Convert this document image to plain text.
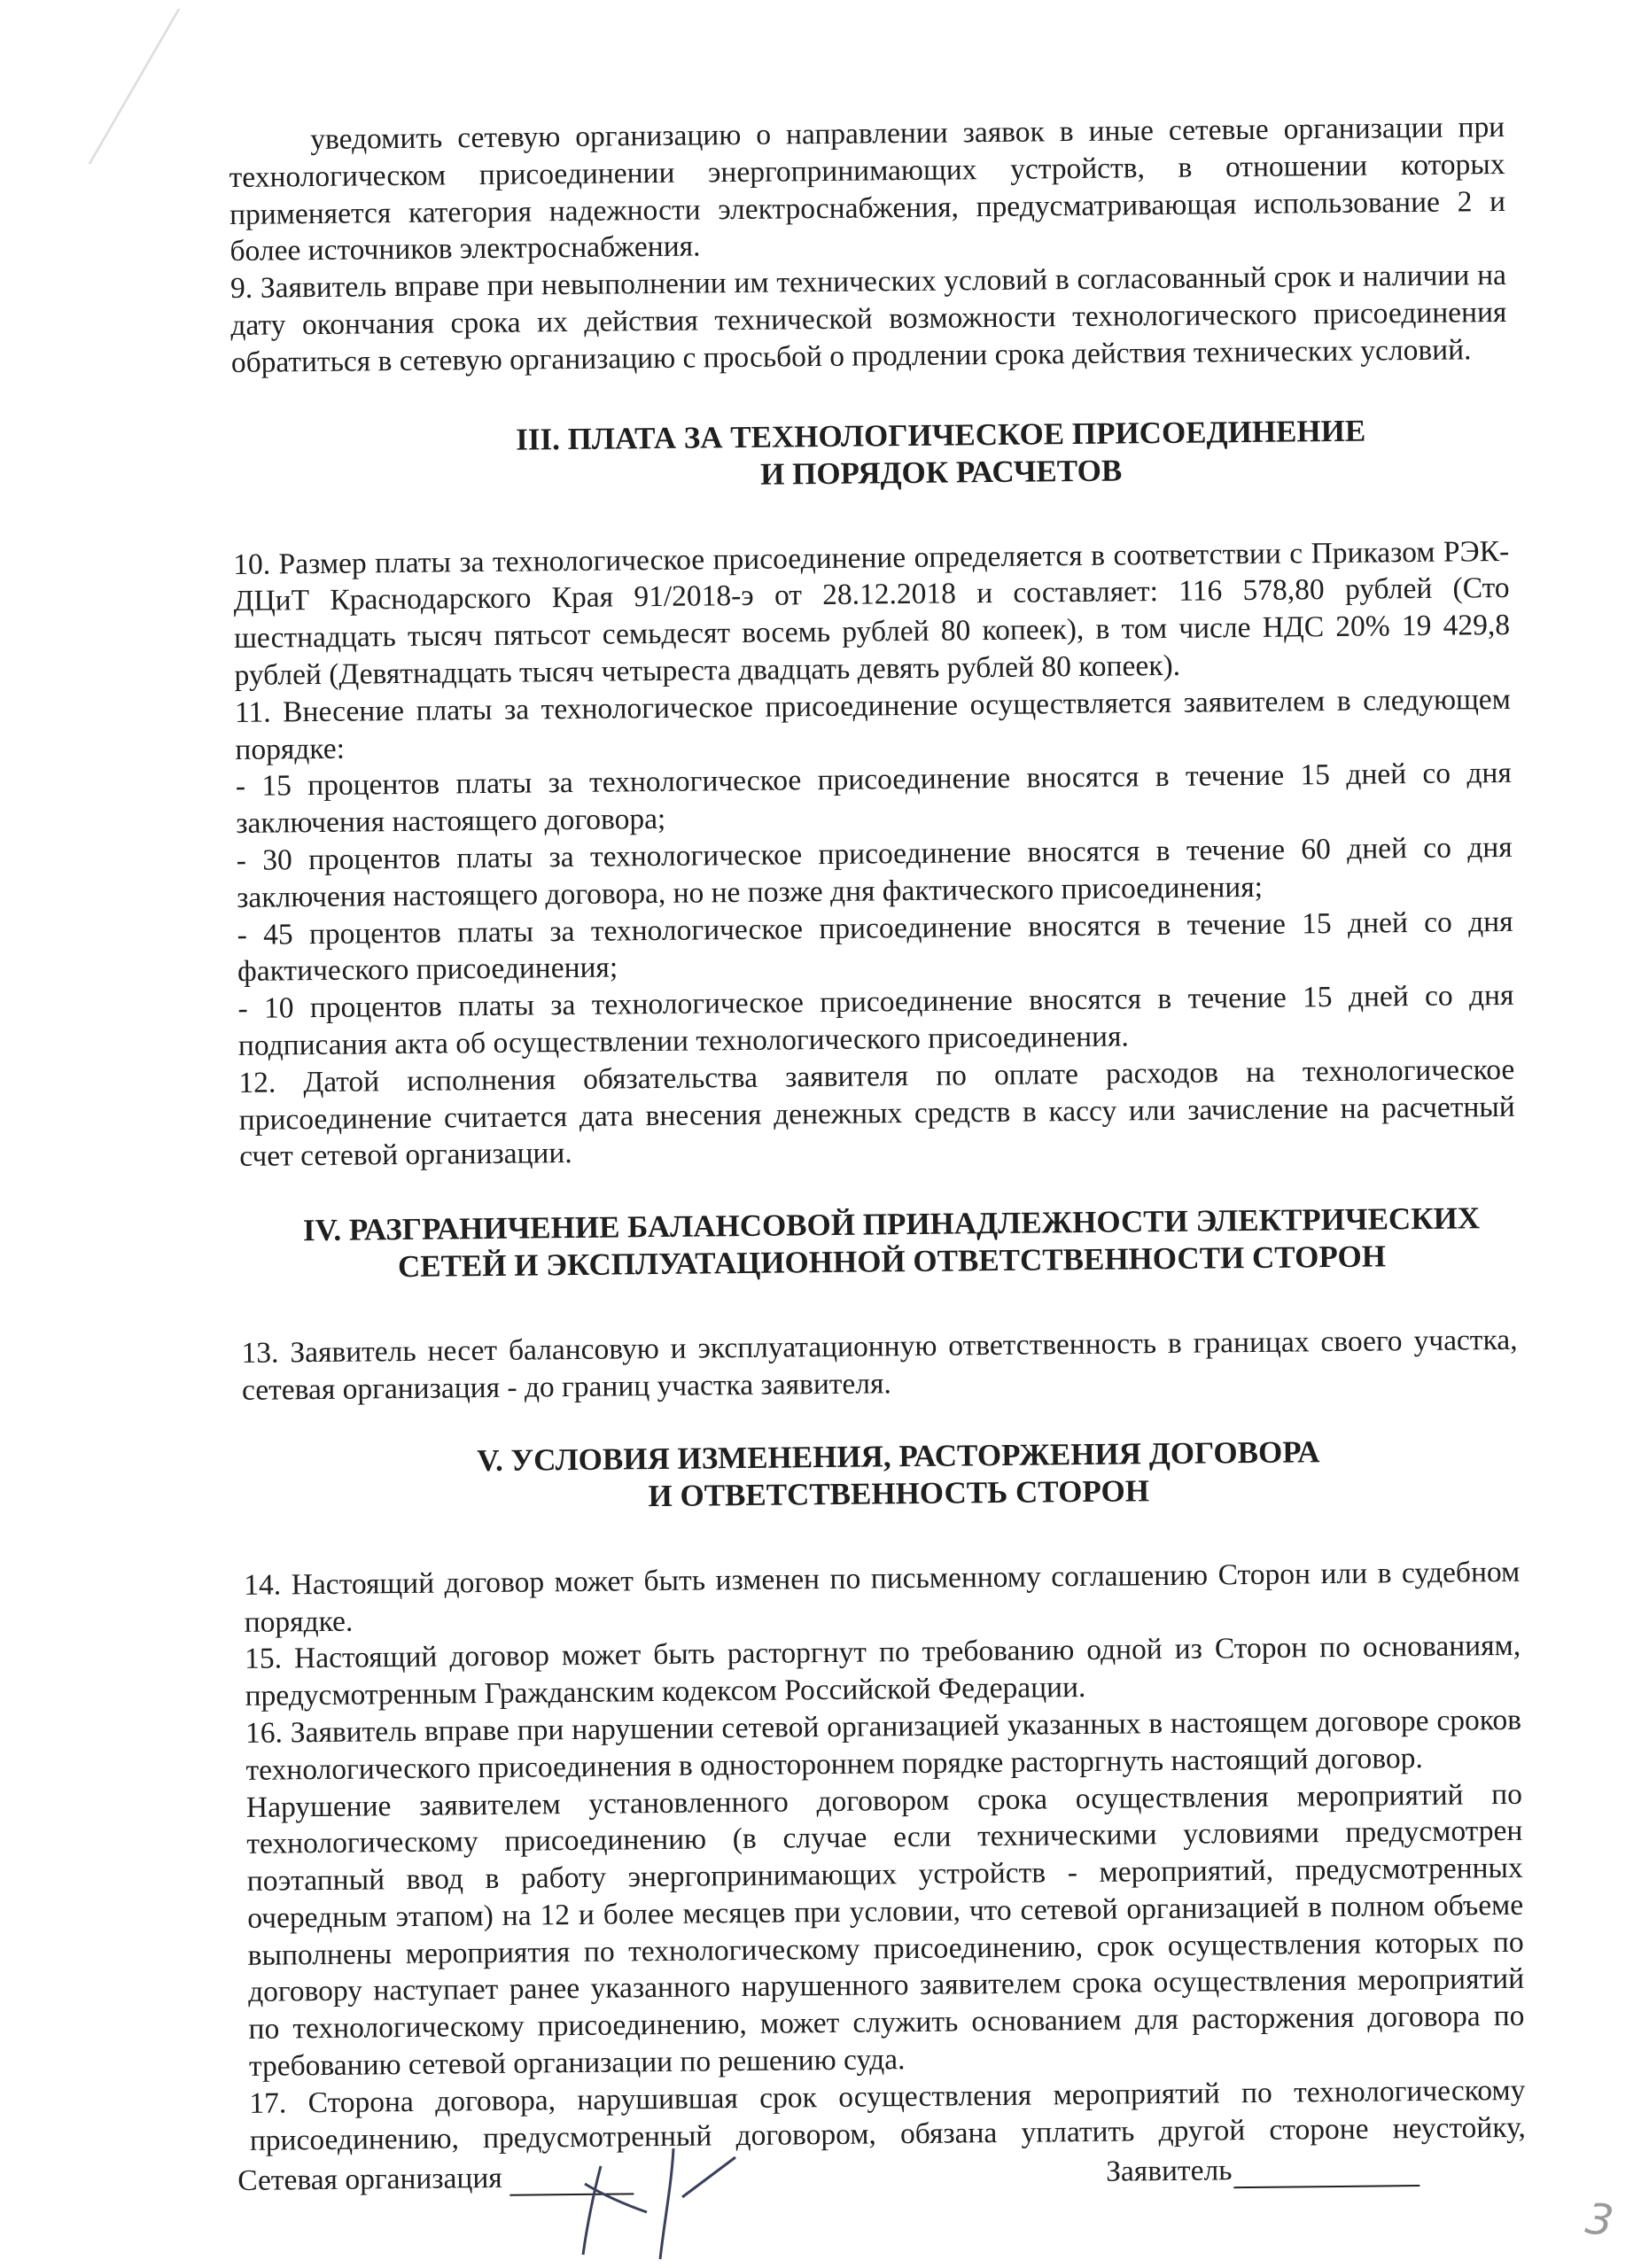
уведомить сетевую организацию о направлении заявок в иные сетевые организации при технологическом присоединении энергопринимающих устройств, в отношении которых применяется категория надежности электроснабжения, предусматривающая использование 2 и более источников электроснабжения.

9. Заявитель вправе при невыполнении им технических условий в согласованный срок и наличии на дату окончания срока их действия технической возможности технологического присоединения обратиться в сетевую организацию с просьбой о продлении срока действия технических условий.

III. ПЛАТА ЗА ТЕХНОЛОГИЧЕСКОЕ ПРИСОЕДИНЕНИЕ
И ПОРЯДОК РАСЧЕТОВ

10. Размер платы за технологическое присоединение определяется в соответствии с Приказом РЭК-ДЦиТ Краснодарского Края 91/2018-э от 28.12.2018 и составляет: 116 578,80 рублей (Сто шестнадцать тысяч пятьсот семьдесят восемь рублей 80 копеек), в том числе НДС 20% 19 429,8 рублей (Девятнадцать тысяч четыреста двадцать девять рублей 80 копеек).

11. Внесение платы за технологическое присоединение осуществляется заявителем в следующем порядке:

- 15 процентов платы за технологическое присоединение вносятся в течение 15 дней со дня заключения настоящего договора;

- 30 процентов платы за технологическое присоединение вносятся в течение 60 дней со дня заключения настоящего договора, но не позже дня фактического присоединения;

- 45 процентов платы за технологическое присоединение вносятся в течение 15 дней со дня фактического присоединения;

- 10 процентов платы за технологическое присоединение вносятся в течение 15 дней со дня подписания акта об осуществлении технологического присоединения.

12. Датой исполнения обязательства заявителя по оплате расходов на технологическое присоединение считается дата внесения денежных средств в кассу или зачисление на расчетный счет сетевой организации.

IV. РАЗГРАНИЧЕНИЕ БАЛАНСОВОЙ ПРИНАДЛЕЖНОСТИ ЭЛЕКТРИЧЕСКИХ
СЕТЕЙ И ЭКСПЛУАТАЦИОННОЙ ОТВЕТСТВЕННОСТИ СТОРОН

13. Заявитель несет балансовую и эксплуатационную ответственность в границах своего участка, сетевая организация - до границ участка заявителя.

V. УСЛОВИЯ ИЗМЕНЕНИЯ, РАСТОРЖЕНИЯ ДОГОВОРА
И ОТВЕТСТВЕННОСТЬ СТОРОН

14. Настоящий договор может быть изменен по письменному соглашению Сторон или в судебном порядке.

15. Настоящий договор может быть расторгнут по требованию одной из Сторон по основаниям, предусмотренным Гражданским кодексом Российской Федерации.

16. Заявитель вправе при нарушении сетевой организацией указанных в настоящем договоре сроков технологического присоединения в одностороннем порядке расторгнуть настоящий договор.

Нарушение заявителем установленного договором срока осуществления мероприятий по технологическому присоединению (в случае если техническими условиями предусмотрен поэтапный ввод в работу энергопринимающих устройств - мероприятий, предусмотренных очередным этапом) на 12 и более месяцев при условии, что сетевой организацией в полном объеме выполнены мероприятия по технологическому присоединению, срок осуществления которых по договору наступает ранее указанного нарушенного заявителем срока осуществления мероприятий по технологическому присоединению, может служить основанием для расторжения договора по требованию сетевой организации по решению суда.

17. Сторона договора, нарушившая срок осуществления мероприятий по технологическому присоединению, предусмотренный договором, обязана уплатить другой стороне неустойку,

Сетевая организация	Заявитель
3
